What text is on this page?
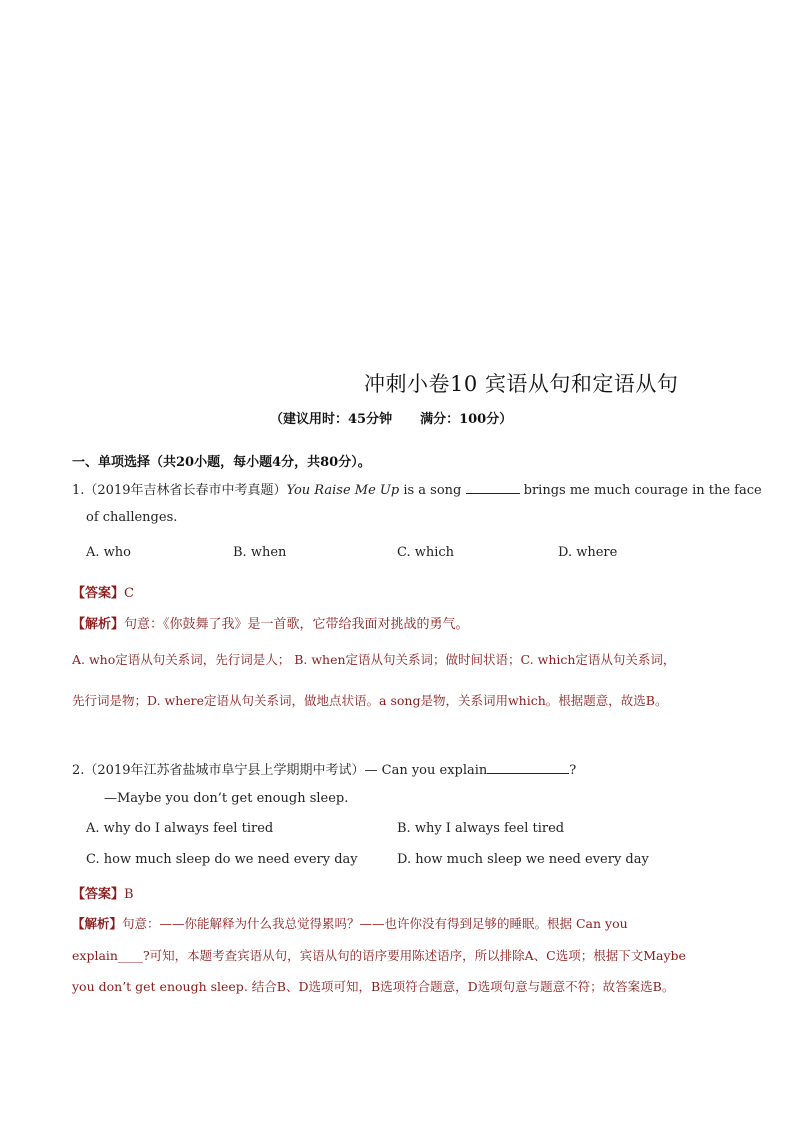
冲刺小卷10 宾语从句和定语从句
（建议用时：45分钟 满分：100分）
一、单项选择（共20小题，每小题4分，共80分）。
1.（2019年吉林省长春市中考真题）You Raise Me Up is a song	brings me much courage in the face
of challenges.
A. who	B. when	C. which	D. where
【答案】C
【解析】句意：《你鼓舞了我》是一首歌，它带给我面对挑战的勇气。
A. who定语从句关系词，先行词是人； B. when定语从句关系词；做时间状语；C. which定语从句关系词，
先行词是物；D. where定语从句关系词，做地点状语。a song是物，关系词用which。根据题意，故选B。
2.（2019年江苏省盐城市阜宁县上学期期中考试）— Can you explain	?
—Maybe you don’t get enough sleep.
A. why do I always feel tired	B. why I always feel tired
C. how much sleep do we need every day	D. how much sleep we need every day
【答案】B
【解析】句意：——你能解释为什么我总觉得累吗？——也许你没有得到足够的睡眠。根据 Can you
explain____?可知，本题考查宾语从句，宾语从句的语序要用陈述语序，所以排除A、C选项；根据下文Maybe
you don’t get enough sleep. 结合B、D选项可知，B选项符合题意，D选项句意与题意不符；故答案选B。
